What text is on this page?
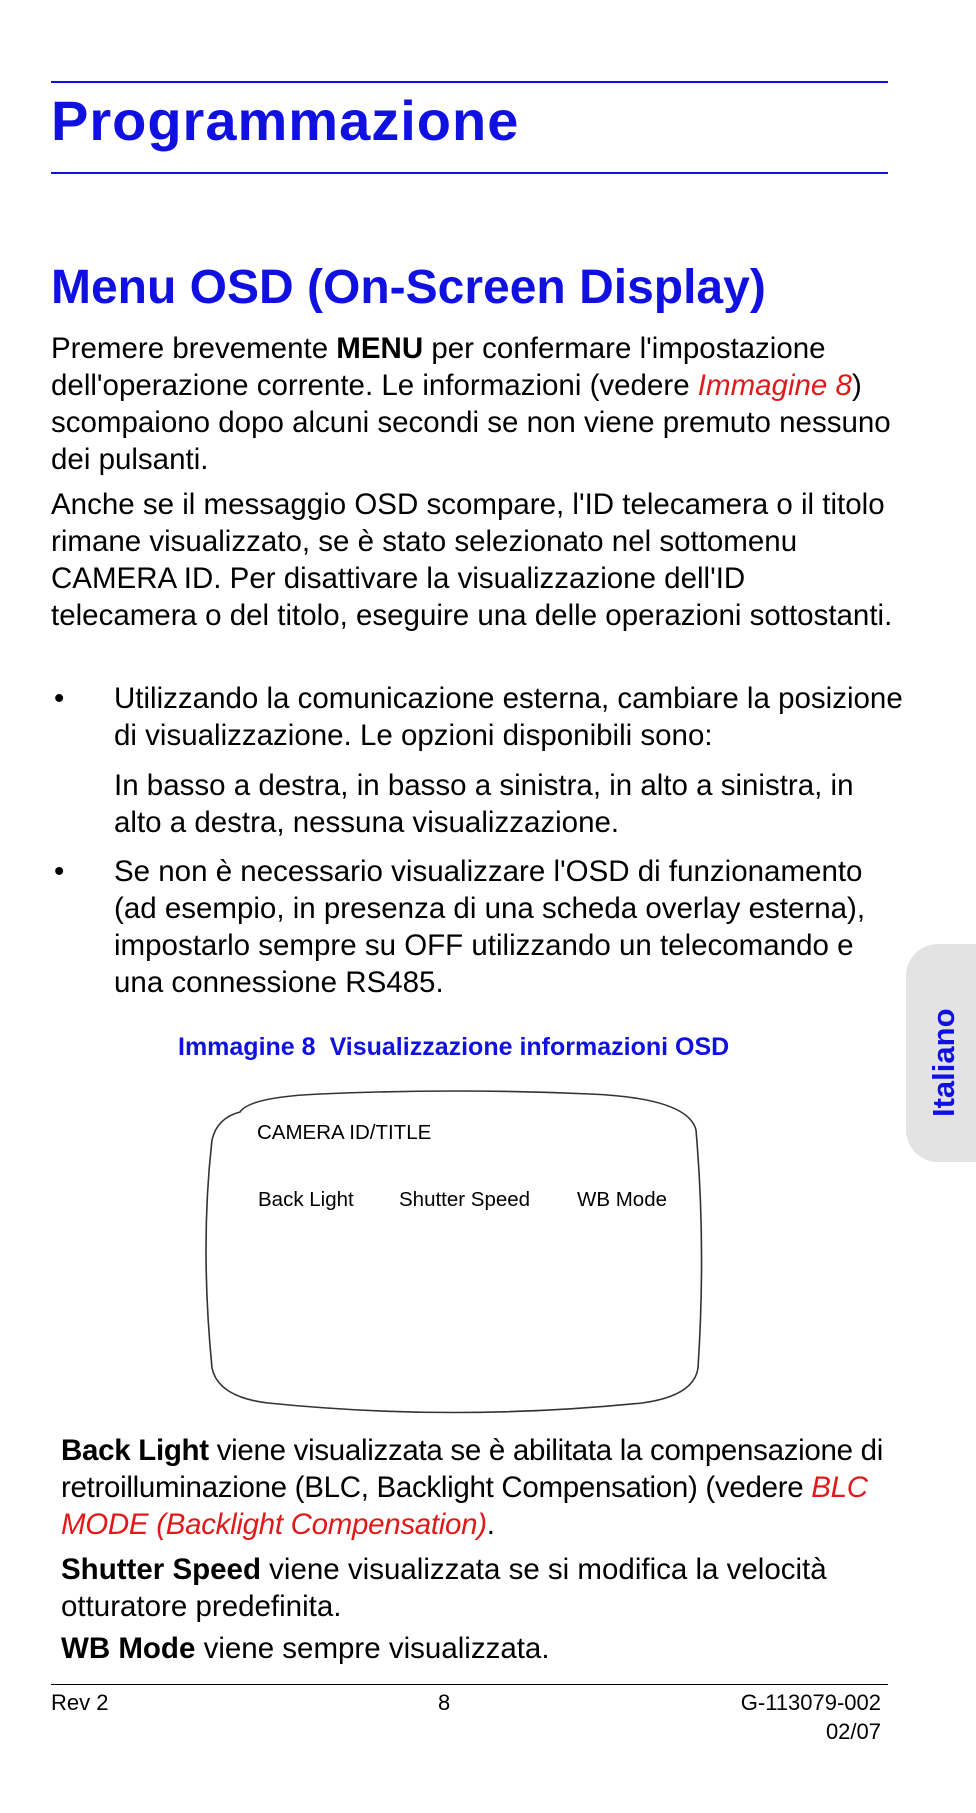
Programmazione
Menu OSD (On-Screen Display)

Premere brevemente MENU per confermare l'impostazione dell'operazione corrente. Le informazioni (vedere Immagine 8) scompaiono dopo alcuni secondi se non viene premuto nessuno dei pulsanti.

Anche se il messaggio OSD scompare, l'ID telecamera o il titolo rimane visualizzato, se è stato selezionato nel sottomenu CAMERA ID. Per disattivare la visualizzazione dell'ID telecamera o del titolo, eseguire una delle operazioni sottostanti.

• Utilizzando la comunicazione esterna, cambiare la posizione di visualizzazione. Le opzioni disponibili sono:

In basso a destra, in basso a sinistra, in alto a sinistra, in alto a destra, nessuna visualizzazione.

• Se non è necessario visualizzare l'OSD di funzionamento (ad esempio, in presenza di una scheda overlay esterna), impostarlo sempre su OFF utilizzando un telecomando e una connessione RS485.

Italiano

Immagine 8 Visualizzazione informazioni OSD

CAMERA ID/TITLE
Back Light Shutter Speed WB Mode

Back Light viene visualizzata se è abilitata la compensazione di retroilluminazione (BLC, Backlight Compensation) (vedere BLC MODE (Backlight Compensation).

Shutter Speed viene visualizzata se si modifica la velocità otturatore predefinita.

WB Mode viene sempre visualizzata.

Rev 2	8	G-113079-002
02/07
